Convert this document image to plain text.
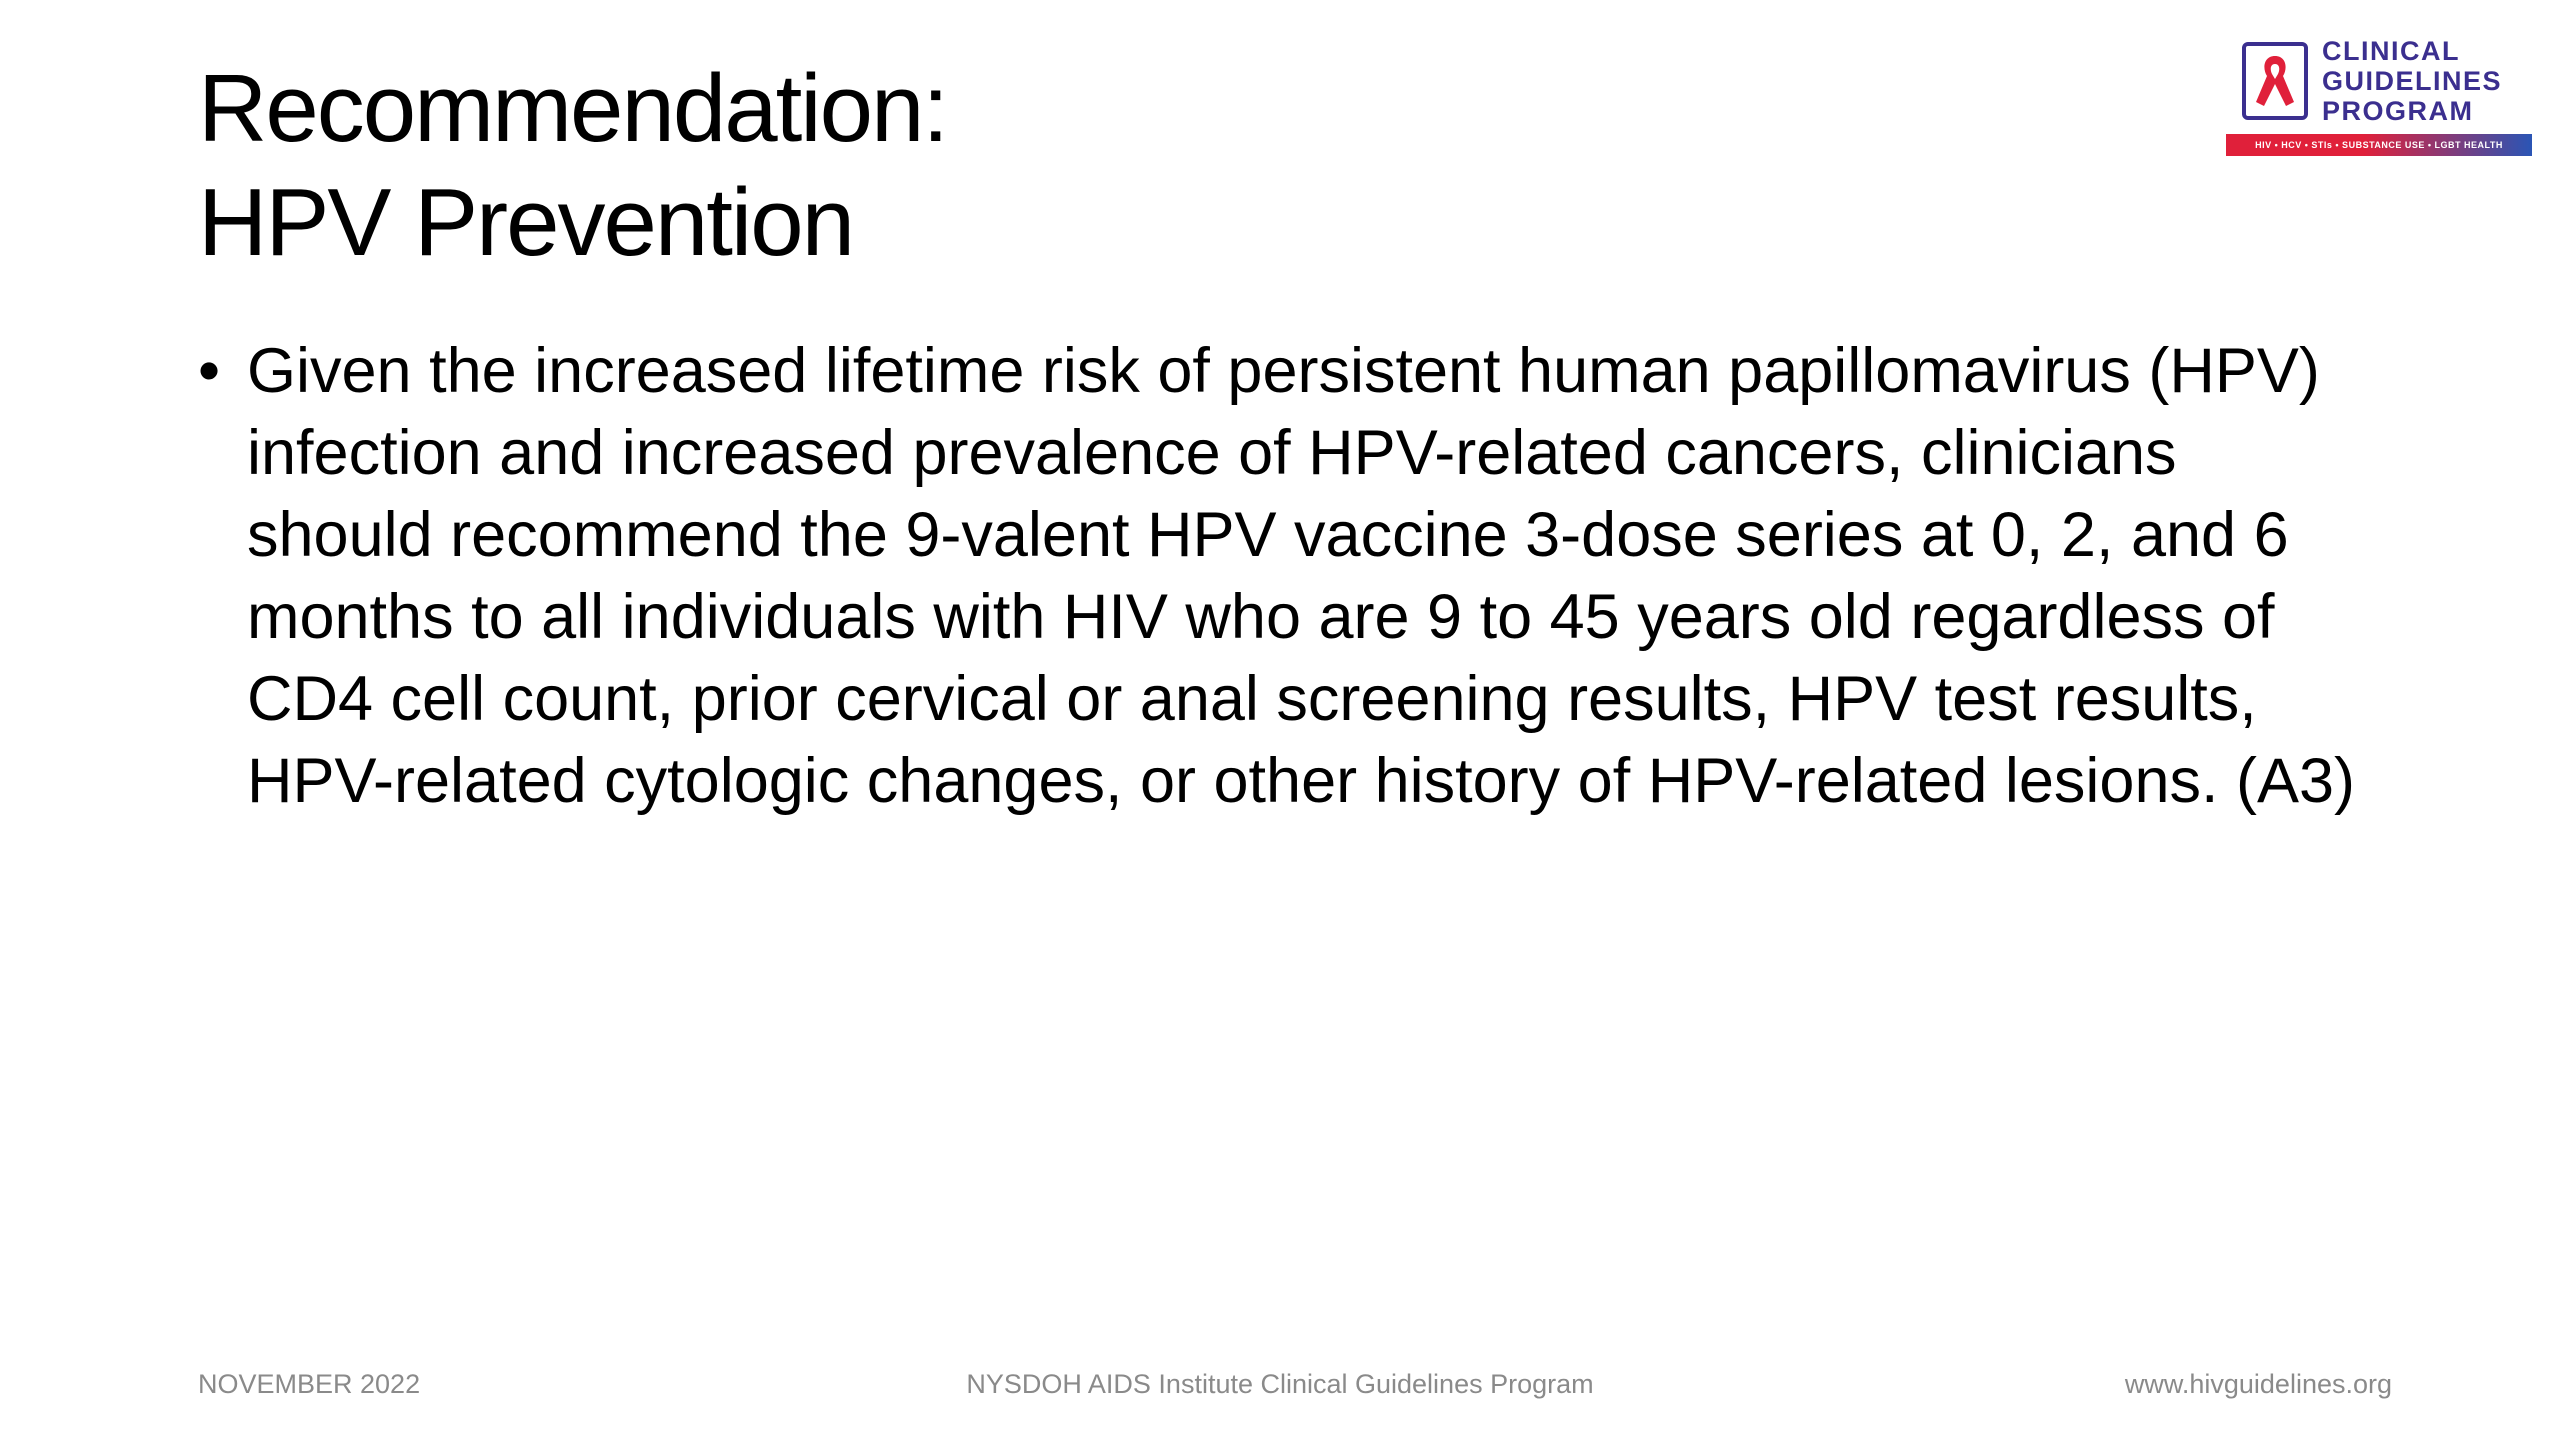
Recommendation:
HPV Prevention
CLINICAL
GUIDELINES
PROGRAM
HIV • HCV • STIs • SUBSTANCE USE • LGBT HEALTH
• Given the increased lifetime risk of persistent human papillomavirus (HPV) infection and increased prevalence of HPV-related cancers, clinicians should recommend the 9-valent HPV vaccine 3-dose series at 0, 2, and 6 months to all individuals with HIV who are 9 to 45 years old regardless of CD4 cell count, prior cervical or anal screening results, HPV test results, HPV-related cytologic changes, or other history of HPV-related lesions. (A3)
NOVEMBER 2022	NYSDOH AIDS Institute Clinical Guidelines Program	www.hivguidelines.org
